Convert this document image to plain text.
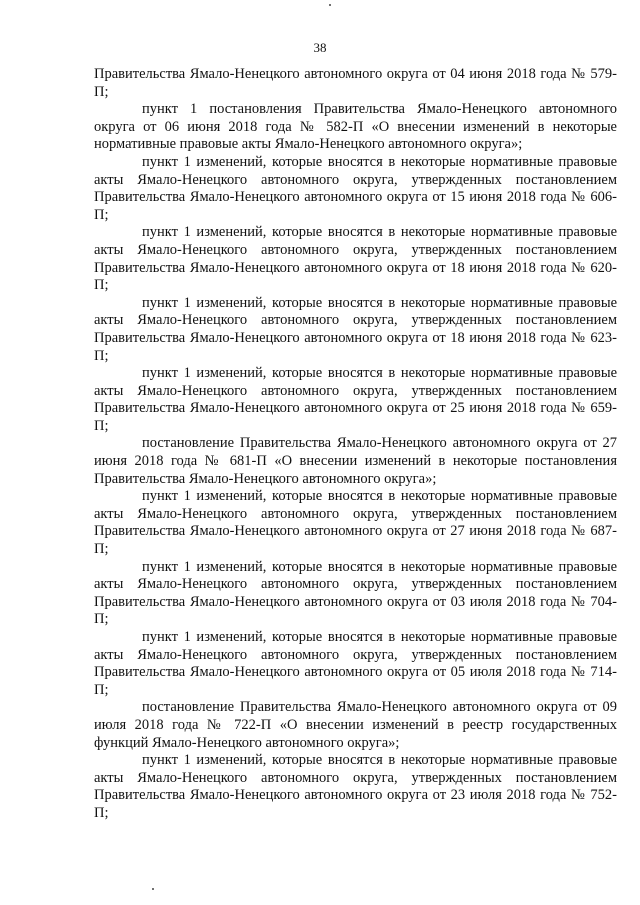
38

Правительства Ямало-Ненецкого автономного округа от 04 июня 2018 года № 579-П;

пункт 1 постановления Правительства Ямало-Ненецкого автономного округа от 06 июня 2018 года № 582-П «О внесении изменений в некоторые нормативные правовые акты Ямало-Ненецкого автономного округа»;

пункт 1 изменений, которые вносятся в некоторые нормативные правовые акты Ямало-Ненецкого автономного округа, утвержденных постановлением Правительства Ямало-Ненецкого автономного округа от 15 июня 2018 года № 606-П;

пункт 1 изменений, которые вносятся в некоторые нормативные правовые акты Ямало-Ненецкого автономного округа, утвержденных постановлением Правительства Ямало-Ненецкого автономного округа от 18 июня 2018 года № 620-П;

пункт 1 изменений, которые вносятся в некоторые нормативные правовые акты Ямало-Ненецкого автономного округа, утвержденных постановлением Правительства Ямало-Ненецкого автономного округа от 18 июня 2018 года № 623-П;

пункт 1 изменений, которые вносятся в некоторые нормативные правовые акты Ямало-Ненецкого автономного округа, утвержденных постановлением Правительства Ямало-Ненецкого автономного округа от 25 июня 2018 года № 659-П;

постановление Правительства Ямало-Ненецкого автономного округа от 27 июня 2018 года № 681-П «О внесении изменений в некоторые постановления Правительства Ямало-Ненецкого автономного округа»;

пункт 1 изменений, которые вносятся в некоторые нормативные правовые акты Ямало-Ненецкого автономного округа, утвержденных постановлением Правительства Ямало-Ненецкого автономного округа от 27 июня 2018 года № 687-П;

пункт 1 изменений, которые вносятся в некоторые нормативные правовые акты Ямало-Ненецкого автономного округа, утвержденных постановлением Правительства Ямало-Ненецкого автономного округа от 03 июля 2018 года № 704-П;

пункт 1 изменений, которые вносятся в некоторые нормативные правовые акты Ямало-Ненецкого автономного округа, утвержденных постановлением Правительства Ямало-Ненецкого автономного округа от 05 июля 2018 года № 714-П;

постановление Правительства Ямало-Ненецкого автономного округа от 09 июля 2018 года № 722-П «О внесении изменений в реестр государственных функций Ямало-Ненецкого автономного округа»;

пункт 1 изменений, которые вносятся в некоторые нормативные правовые акты Ямало-Ненецкого автономного округа, утвержденных постановлением Правительства Ямало-Ненецкого автономного округа от 23 июля 2018 года № 752-П;
